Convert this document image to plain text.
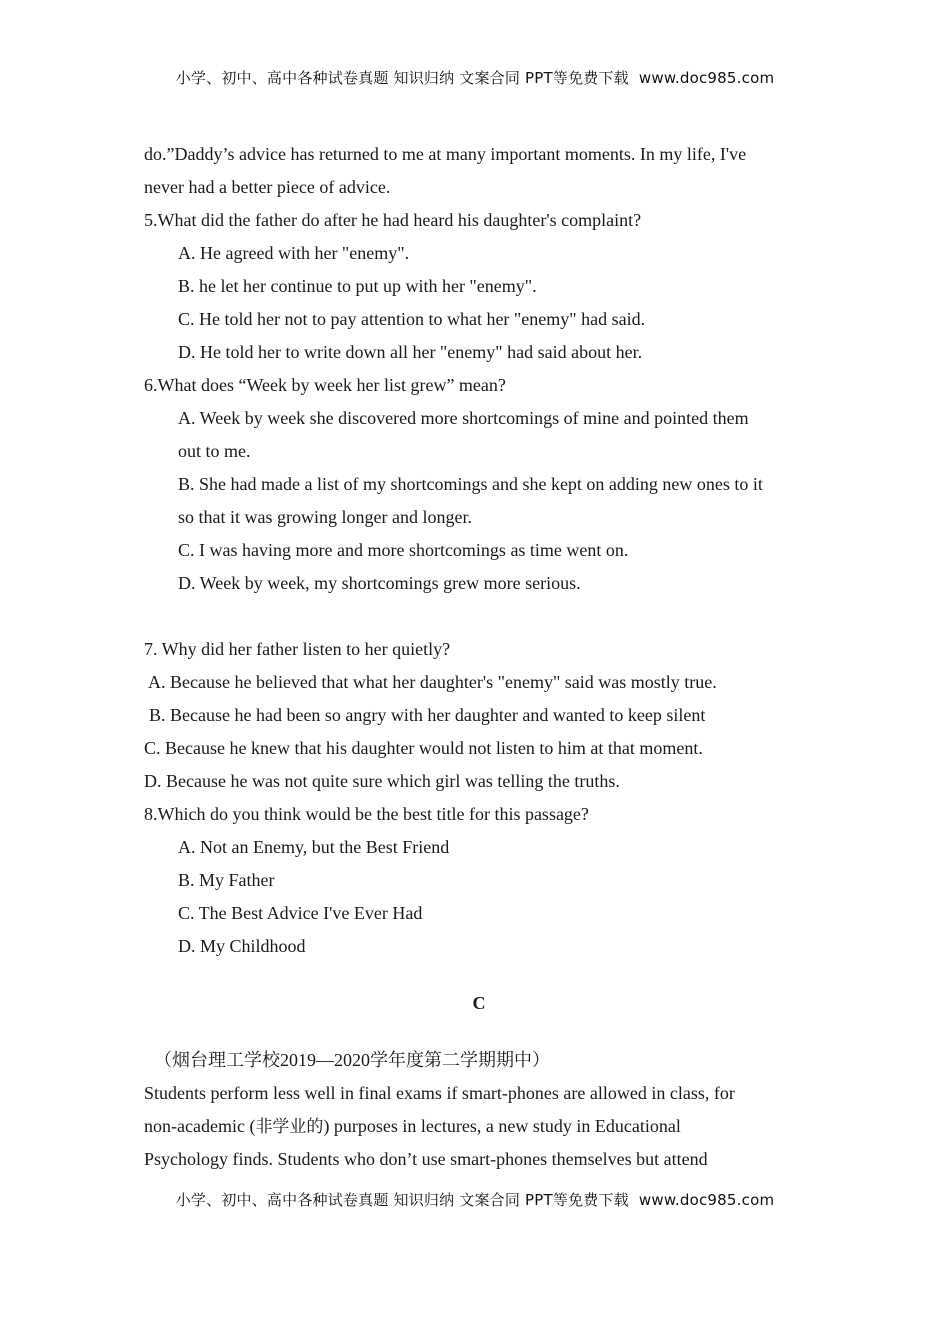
小学、初中、高中各种试卷真题 知识归纳 文案合同 PPT等免费下载 www.doc985.com
do.”Daddy’s advice has returned to me at many important moments. In my life, I've
never had a better piece of advice.
5.What did the father do after he had heard his daughter's complaint?
A. He agreed with her "enemy".
B. he let her continue to put up with her "enemy".
C. He told her not to pay attention to what her "enemy" had said.
D. He told her to write down all her "enemy" had said about her.
6.What does “Week by week her list grew” mean?
A. Week by week she discovered more shortcomings of mine and pointed them
out to me.
B. She had made a list of my shortcomings and she kept on adding new ones to it
so that it was growing longer and longer.
C. I was having more and more shortcomings as time went on.
D. Week by week, my shortcomings grew more serious.
7. Why did her father listen to her quietly?
A. Because he believed that what her daughter's "enemy" said was mostly true.
B. Because he had been so angry with her daughter and wanted to keep silent
C. Because he knew that his daughter would not listen to him at that moment.
D. Because he was not quite sure which girl was telling the truths.
8.Which do you think would be the best title for this passage?
A. Not an Enemy, but the Best Friend
B. My Father
C. The Best Advice I've Ever Had
D. My Childhood
C
（烟台理工学校2019—2020学年度第二学期期中）
Students perform less well in final exams if smart-phones are allowed in class, for
non-academic (非学业的) purposes in lectures, a new study in Educational
Psychology finds. Students who don’t use smart-phones themselves but attend
小学、初中、高中各种试卷真题 知识归纳 文案合同 PPT等免费下载 www.doc985.com
